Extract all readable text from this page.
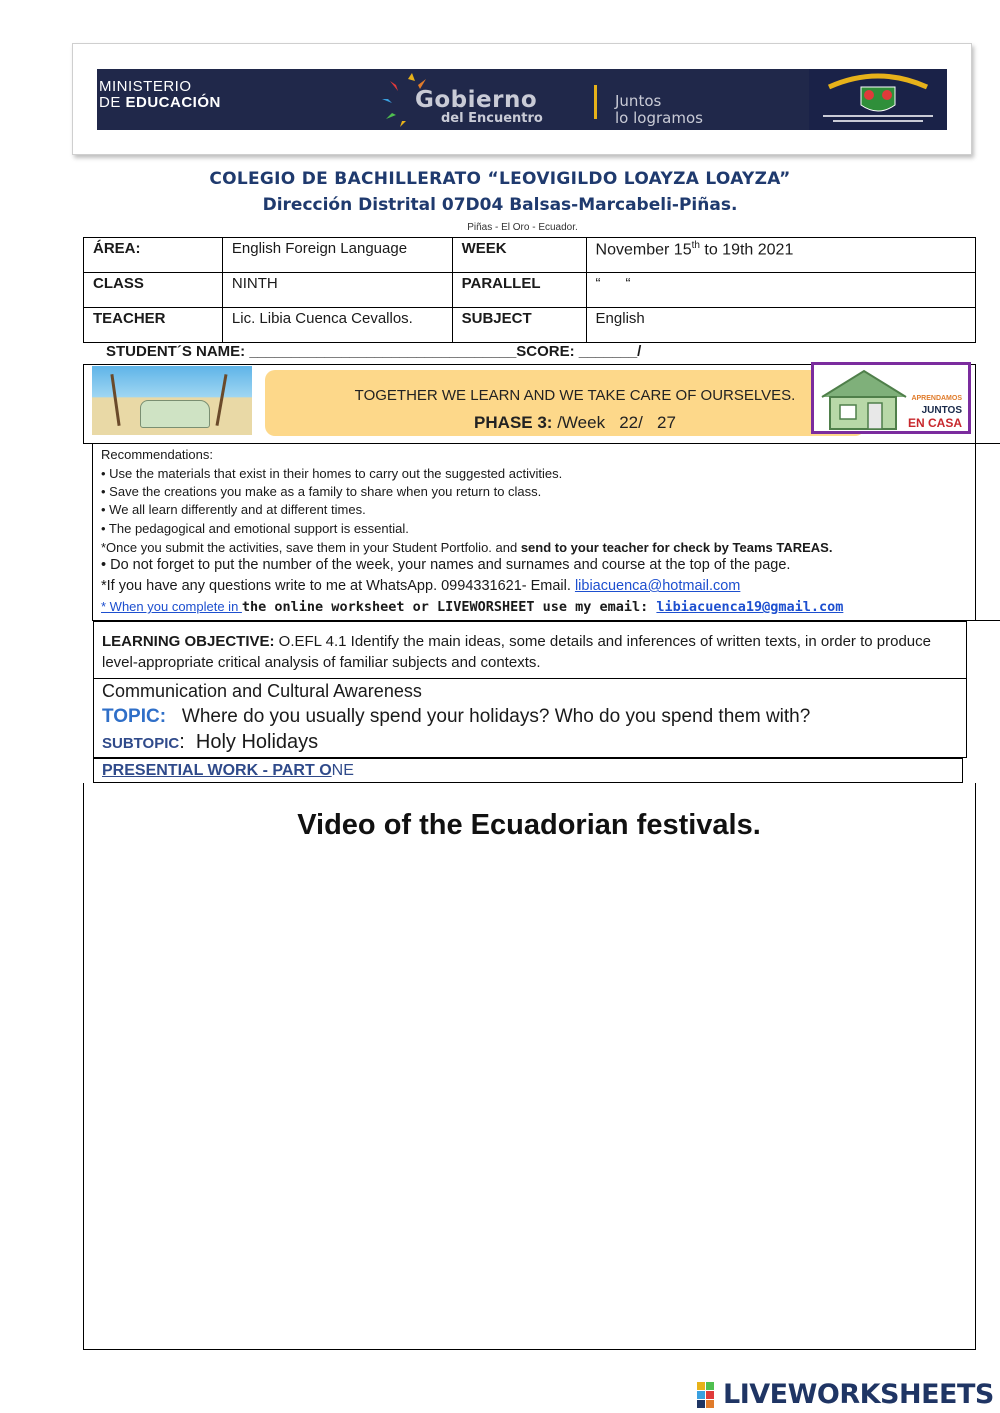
MINISTERIO
DE EDUCACIÓN	Gobierno
del Encuentro
Juntos
lo logramos
COLEGIO DE BACHILLERATO “LEOVIGILDO LOAYZA LOAYZA”
Dirección Distrital 07D04 Balsas-Marcabeli-Piñas.
Piñas - El Oro - Ecuador.
ÁREA:	English Foreign Language	WEEK	November 15th to 19th 2021
CLASS	NINTH	PARALLEL	“      “
TEACHER	Lic. Libia Cuenca Cevallos.	SUBJECT	English
STUDENT´S NAME: ________________________________SCORE: _______/
TOGETHER WE LEARN AND WE TAKE CARE OF OURSELVES.
PHASE 3: /Week   22/   27
APRENDAMOS
JUNTOS
EN CASA
Recommendations:
• Use the materials that exist in their homes to carry out the suggested activities.
• Save the creations you make as a family to share when you return to class.
• We all learn differently and at different times.
• The pedagogical and emotional support is essential.
*Once you submit the activities, save them in your Student Portfolio. and send to your teacher for check by Teams TAREAS.
• Do not forget to put the number of the week, your names and surnames and course at the top of the page.
*If you have any questions write to me at WhatsApp. 0994331621- Email. libiacuenca@hotmail.com
* When you complete in the online worksheet or LIVEWORSHEET use my email: libiacuenca19@gmail.com
LEARNING OBJECTIVE: O.EFL 4.1 Identify the main ideas, some details and inferences of written texts, in order to produce level-appropriate critical analysis of familiar subjects and contexts.
Communication and Cultural Awareness
TOPIC:   Where do you usually spend your holidays? Who do you spend them with?
SUBTOPIC:  Holy Holidays
PRESENTIAL WORK - PART ONE
Video of the Ecuadorian festivals.
LIVEWORKSHEETS
